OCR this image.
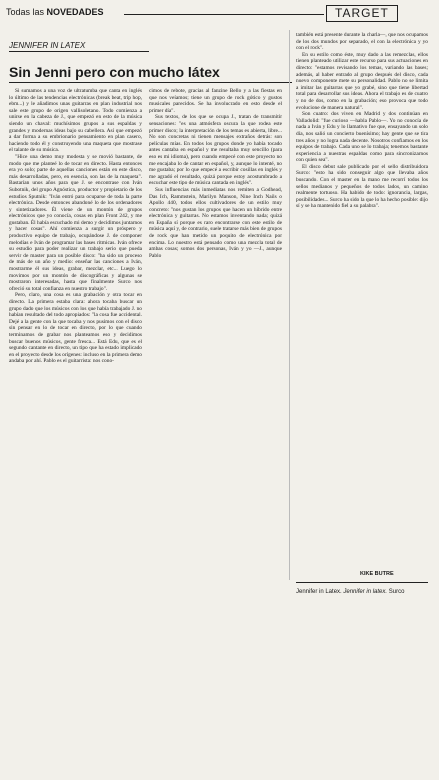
Todas las NOVEDADES	TARGET
JENNIFER IN LATEX
Sin Jenni pero con mucho látex

Si sumamos a una voz de ultratumba que canta en inglés lo último de las tendencias electrónicas (break beat, trip hop, ebm...) y le añadimos unas guitarras en plan industrial nos sale este grupo de origen vallisoletano. Todo comienza a unirse en la cabeza de J., que empezó en esto de la música siendo un chaval: muchísimos grupos a sus espaldas y grandes y modernas ideas bajo su cabellera. Así que empezó a dar forma a su embrionario pensamiento en plan casero, haciendo todo él y construyendo una maqueta que mostrase el talante de su música.

"Hice una demo muy modesta y se movió bastante, de modo que me planteé lo de tocar en directo. Hasta entonces era yo solo; parte de aquellas canciones están en este disco, más desarrolladas, pero, en esencia, son las de la maqueta". Bastarían unos años para que J. se encontrase con Iván Subotnik, del grupo Agnóstica, productor y propietario de los estudios Sputnik: "Iván entró para ocuparse de toda la parte electrónica. Desde entonces abandoné lo de los ordenadores y sintetizadores. Él viene de un montón de grupos electrónicos que yo conocía, cosas en plan Front 242, y me gustaban. Él había escuchado mi demo y decidimos juntarnos y hacer cosas". Ahí comienza a surgir un próspero y productivo equipo de trabajo, ocupándose J. de componer melodías e Iván de programar las bases rítmicas. Iván ofrece su estudio para poder realizar un trabajo serio que pueda servir de master para un posible disco: "ha sido un proceso de más de un año y medio: enseñar las canciones a Iván, mostrarme él sus ideas, grabar, mezclar, etc... Luego lo movimos por un montón de discográficas y algunas se mostraron interesadas, hasta que finalmente Surco nos ofreció su total confianza en nuestro trabajo".

Pero, claro, una cosa es una grabación y otra tocar en directo. La primera estaba clara: ahora tocaba buscar un grupo dado que los músicos con los que había trabajado J. no habían resultado del todo apropiados: "la cosa fue accidental. Dejé a la gente con la que tocaba y nos pusimos con el disco sin pensar en lo de tocar en directo, por lo que cuando terminamos de grabar nos planteamos eso y decidimos buscar buenos músicos, gente fresca... Está Edu, que es el segundo cantante en directo, un tipo que ha estado implicado en el proyecto desde los orígenes: incluso en la primera demo andaba por ahí. Pablo es el guitarrista: nos cono-

cimos de rebote, gracias al fanzine Bello y a las fiestas en que nos veíamos; tiene un grupo de rock gótico y gustos musicales parecidos. Se ha involucrado en esto desde el primer día".

Sus textos, de los que se ocupa J., tratan de transmitir sensaciones: "es una atmósfera oscura la que rodea este primer disco; la interpretación de los temas es abierta, libre... No son concretas ni tienen mensajes extraños detrás: son películas mías. En todos los grupos donde yo había tocado antes cantaba en español y me resultaba muy sencillo (para eso es mi idioma), pero cuando empecé con este proyecto no me encajaba lo de cantar en español, y, aunque lo intenté, no me gustaba; por lo que empecé a escribir cosillas en inglés y me agradó el resultado, quizá porque estoy acostumbrado a escuchar este tipo de música cantada en inglés".

Sus influencias más inmediatas nos remiten a Godhead, Das Ich, Rammstein, Marilyn Manson, Nine Inch Nails o Apollo 440, todos ellos cultivadores de un estilo muy concreto: "nos gustan los grupos que hacen un híbrido entre electrónica y guitarras. No estamos inventando nada; quizá en España sí porque es raro encontrarse con este estilo de música aquí y, de contrario, suele tratarse más bien de grupos de rock que han metido un poquito de electrónica por encima. Lo nuestro está pensado como una mezcla total de ambas cosas; somos dos personas, Iván y yo —J., aunque Pablo

también está presente durante la charla—, que nos ocupamos de los dos mundos por separado, el con la electrónica y yo con el rock".

En su estilo como éste, muy dado a las remezclas, ellos tienen planteado utilizar este recurso para sus actuaciones en directo: "estamos revisando los temas, variando las bases; además, al haber entrado al grupo después del disco, cada nuevo componente mete su personalidad. Pablo no se limita a imitar las guitarras que yo grabé, sino que tiene libertad total para desarrollar sus ideas. Ahora el trabajo es de cuatro y no de dos, como en la grabación; eso provoca que todo evolucione de manera natural".

Son cuatro: dos viven en Madrid y dos continúan en Valladolid: "fue curioso —habla Pablo—. Yo no conocía de nada a Iván y Edu y lo llamativo fue que, ensayando un solo día, nos salió un concierto buenísimo; hay gente que se tira tres años y no logra nada decente. Nosotros confiamos en los equipos de trabajo. Cada uno se lo trabaja; tenemos bastante experiencia a nuestras espaldas como para sincronizarnos con quien sea".

El disco debut sale publicado por el sello distribuidora Surco: "esto ha sido conseguir algo que llevaba años buscando. Con el master en la mano me recorrí todos los sellos medianos y pequeños de todos lados, un camino realmente tortuoso. Ha habido de todo: ignorancia, largas, posibilidades... Surco ha sido la que lo ha hecho posible: dijo sí y se ha mantenido fiel a su palabra".

KIKE BUTRE
Jennifer in Latex. Jennifer in latex. Surco
